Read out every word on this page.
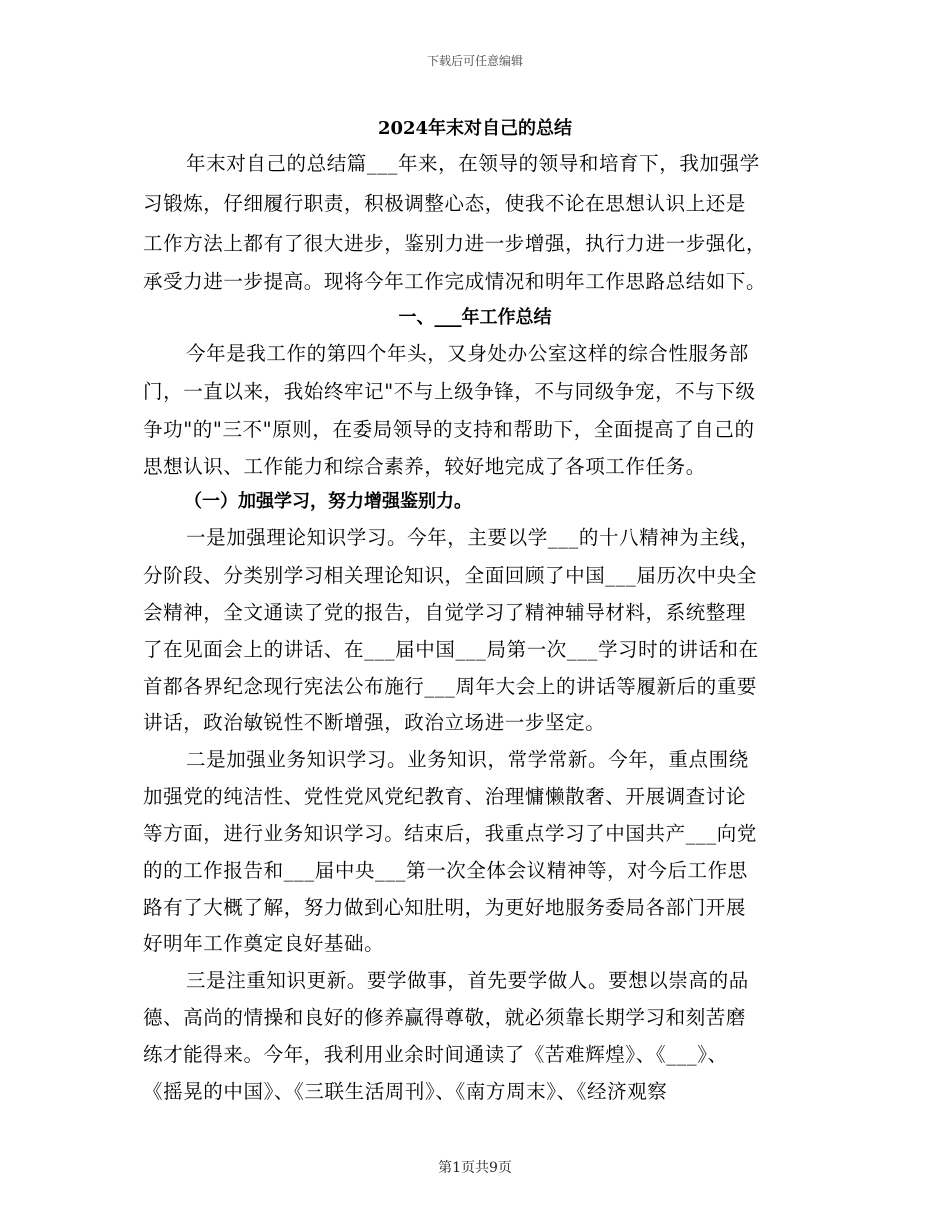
下载后可任意编辑
2024年末对自己的总结
年末对自己的总结篇___年来，在领导的领导和培育下，我加强学
习锻炼，仔细履行职责，积极调整心态，使我不论在思想认识上还是
工作方法上都有了很大进步，鉴别力进一步增强，执行力进一步强化，
承受力进一步提高。现将今年工作完成情况和明年工作思路总结如下。
一、___年工作总结
今年是我工作的第四个年头，又身处办公室这样的综合性服务部
门，一直以来，我始终牢记"不与上级争锋，不与同级争宠，不与下级
争功"的"三不"原则，在委局领导的支持和帮助下，全面提高了自己的
思想认识、工作能力和综合素养，较好地完成了各项工作任务。
（一）加强学习，努力增强鉴别力。
一是加强理论知识学习。今年，主要以学___的十八精神为主线，
分阶段、分类别学习相关理论知识，全面回顾了中国___届历次中央全
会精神，全文通读了党的报告，自觉学习了精神辅导材料，系统整理
了在见面会上的讲话、在___届中国___局第一次___学习时的讲话和在
首都各界纪念现行宪法公布施行___周年大会上的讲话等履新后的重要
讲话，政治敏锐性不断增强，政治立场进一步坚定。
二是加强业务知识学习。业务知识，常学常新。今年，重点围绕
加强党的纯洁性、党性党风党纪教育、治理慵懒散奢、开展调查讨论
等方面，进行业务知识学习。结束后，我重点学习了中国共产___向党
的的工作报告和___届中央___第一次全体会议精神等，对今后工作思
路有了大概了解，努力做到心知肚明，为更好地服务委局各部门开展
好明年工作奠定良好基础。
三是注重知识更新。要学做事，首先要学做人。要想以崇高的品
德、高尚的情操和良好的修养赢得尊敬，就必须靠长期学习和刻苦磨
练才能得来。今年，我利用业余时间通读了《苦难辉煌》、《___》、
《摇晃的中国》、《三联生活周刊》、《南方周末》、《经济观察
第1页共9页
